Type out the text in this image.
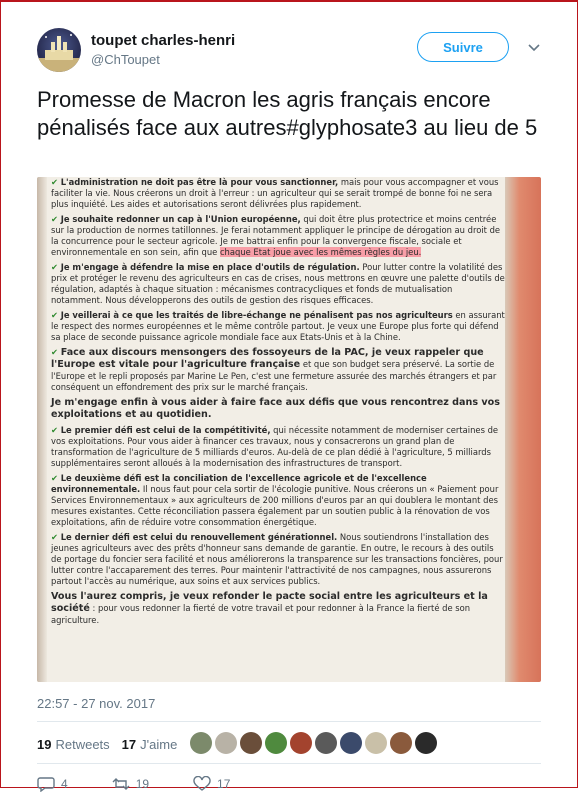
toupet charles-henri
@ChToupet
Suivre
Promesse de Macron les agris français encore pénalisés face aux autres#glyphosate3 au lieu de 5

✔ L'administration ne doit pas être là pour vous sanctionner, mais pour vous accompagner et vous faciliter la vie. Nous créerons un droit à l'erreur : un agriculteur qui se serait trompé de bonne foi ne sera plus inquiété. Les aides et autorisations seront délivrées plus rapidement.

✔ Je souhaite redonner un cap à l'Union européenne, qui doit être plus protectrice et moins centrée sur la production de normes tatillonnes. Je ferai notamment appliquer le principe de dérogation au droit de la concurrence pour le secteur agricole. Je me battrai enfin pour la convergence fiscale, sociale et environnementale en son sein, afin que chaque Etat joue avec les mêmes règles du jeu.

✔ Je m'engage à défendre la mise en place d'outils de régulation. Pour lutter contre la volatilité des prix et protéger le revenu des agriculteurs en cas de crises, nous mettrons en œuvre une palette d'outils de régulation, adaptés à chaque situation : mécanismes contracycliques et fonds de mutualisation notamment. Nous développerons des outils de gestion des risques efficaces.

✔ Je veillerai à ce que les traités de libre-échange ne pénalisent pas nos agriculteurs en assurant le respect des normes européennes et le même contrôle partout. Je veux une Europe plus forte qui défend sa place de seconde puissance agricole mondiale face aux Etats-Unis et à la Chine.

✔ Face aux discours mensongers des fossoyeurs de la PAC, je veux rappeler que l'Europe est vitale pour l'agriculture française et que son budget sera préservé. La sortie de l'Europe et le repli proposés par Marine Le Pen, c'est une fermeture assurée des marchés étrangers et par conséquent un effondrement des prix sur le marché français.

Je m'engage enfin à vous aider à faire face aux défis que vous rencontrez dans vos exploitations et au quotidien.

✔ Le premier défi est celui de la compétitivité, qui nécessite notamment de moderniser certaines de vos exploitations. Pour vous aider à financer ces travaux, nous y consacrerons un grand plan de transformation de l'agriculture de 5 milliards d'euros. Au-delà de ce plan dédié à l'agriculture, 5 milliards supplémentaires seront alloués à la modernisation des infrastructures de transport.

✔ Le deuxième défi est la conciliation de l'excellence agricole et de l'excellence environnementale. Il nous faut pour cela sortir de l'écologie punitive. Nous créerons un « Paiement pour Services Environnementaux » aux agriculteurs de 200 millions d'euros par an qui doublera le montant des mesures existantes. Cette réconciliation passera également par un soutien public à la rénovation de vos exploitations, afin de réduire votre consommation énergétique.

✔ Le dernier défi est celui du renouvellement générationnel. Nous soutiendrons l'installation des jeunes agriculteurs avec des prêts d'honneur sans demande de garantie. En outre, le recours à des outils de portage du foncier sera facilité et nous améliorerons la transparence sur les transactions foncières, pour lutter contre l'accaparement des terres. Pour maintenir l'attractivité de nos campagnes, nous assurerons partout l'accès au numérique, aux soins et aux services publics.

Vous l'aurez compris, je veux refonder le pacte social entre les agriculteurs et la société : pour vous redonner la fierté de votre travail et pour redonner à la France la fierté de son agriculture.

22:57 - 27 nov. 2017
19 Retweets 17 J'aime
4	19	17
